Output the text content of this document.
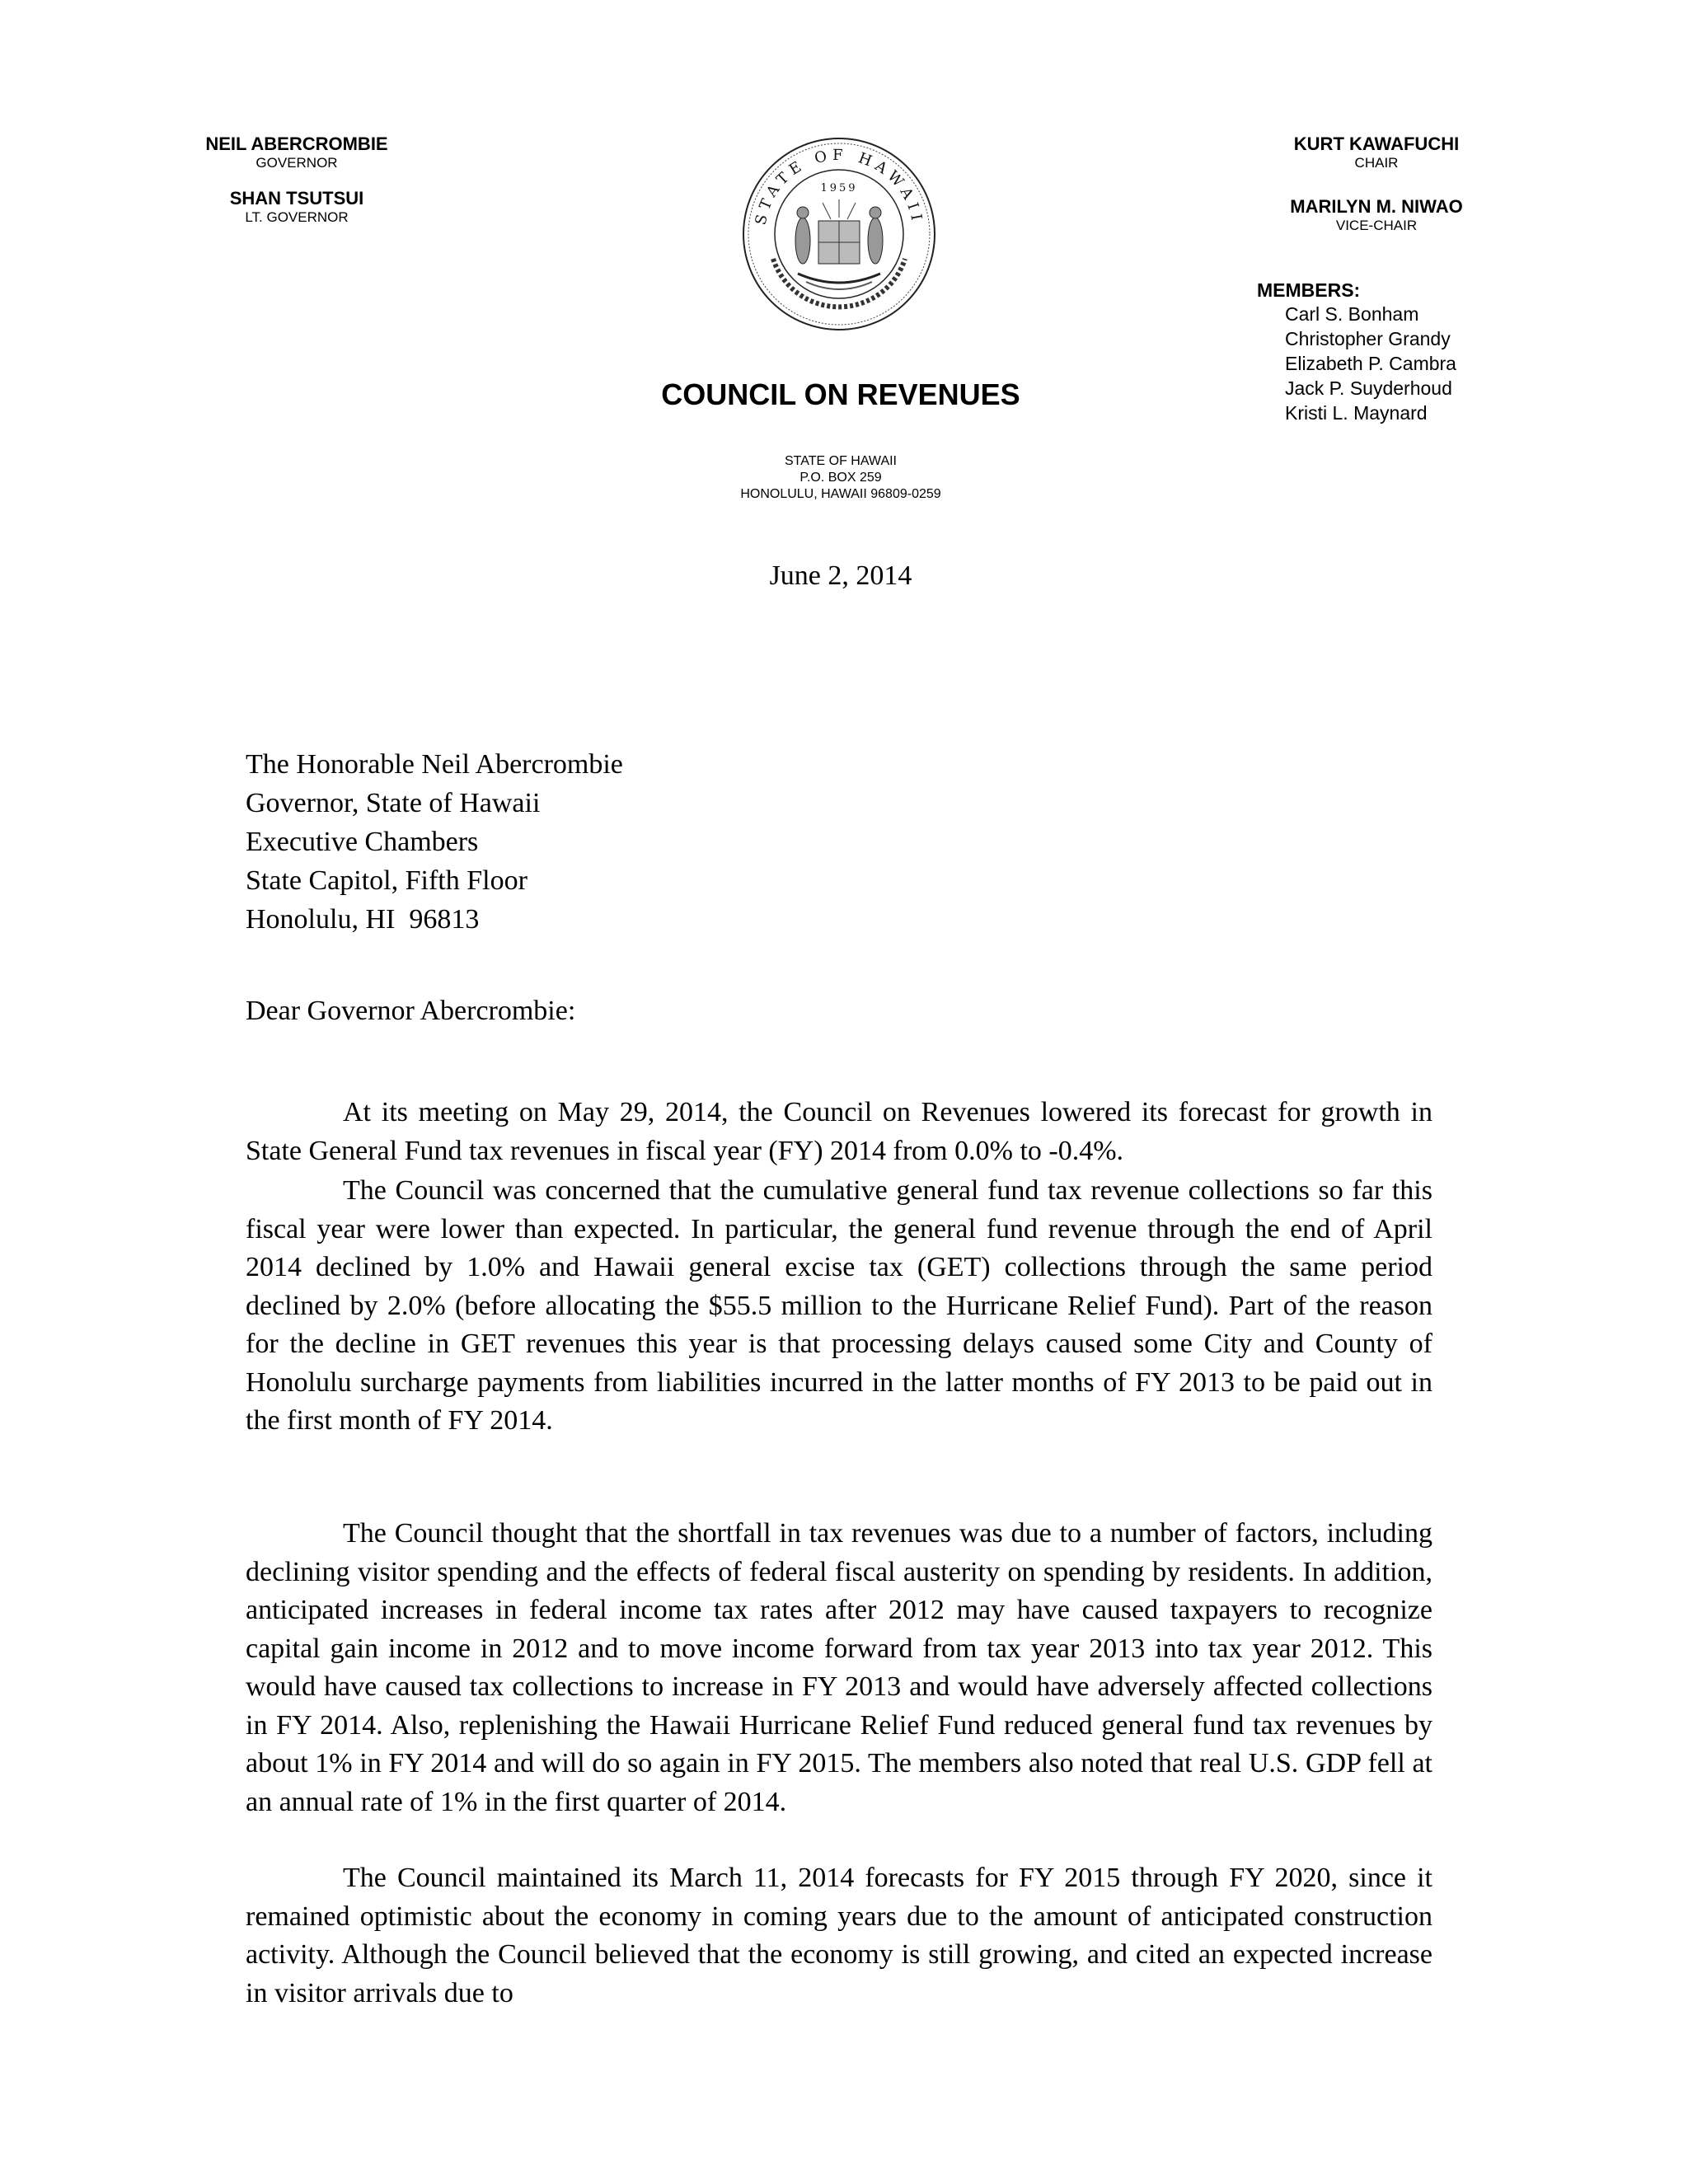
NEIL ABERCROMBIE
GOVERNOR
SHAN TSUTSUI
LT. GOVERNOR	STATE OF HAWAII
1959
KURT KAWAFUCHI
CHAIR
MARILYN M. NIWAO
VICE-CHAIR
MEMBERS:
Carl S. Bonham
Christopher Grandy
Elizabeth P. Cambra
Jack P. Suyderhoud
Kristi L. Maynard
COUNCIL ON REVENUES
STATE OF HAWAII
P.O. BOX 259
HONOLULU, HAWAII 96809-0259
June 2, 2014
The Honorable Neil Abercrombie
Governor, State of Hawaii
Executive Chambers
State Capitol, Fifth Floor
Honolulu, HI  96813
Dear Governor Abercrombie:

At its meeting on May 29, 2014, the Council on Revenues lowered its forecast for growth in State General Fund tax revenues in fiscal year (FY) 2014 from 0.0% to -0.4%.

The Council was concerned that the cumulative general fund tax revenue collections so far this fiscal year were lower than expected. In particular, the general fund revenue through the end of April 2014 declined by 1.0% and Hawaii general excise tax (GET) collections through the same period declined by 2.0% (before allocating the $55.5 million to the Hurricane Relief Fund). Part of the reason for the decline in GET revenues this year is that processing delays caused some City and County of Honolulu surcharge payments from liabilities incurred in the latter months of FY 2013 to be paid out in the first month of FY 2014.

The Council thought that the shortfall in tax revenues was due to a number of factors, including declining visitor spending and the effects of federal fiscal austerity on spending by residents. In addition, anticipated increases in federal income tax rates after 2012 may have caused taxpayers to recognize capital gain income in 2012 and to move income forward from tax year 2013 into tax year 2012. This would have caused tax collections to increase in FY 2013 and would have adversely affected collections in FY 2014. Also, replenishing the Hawaii Hurricane Relief Fund reduced general fund tax revenues by about 1% in FY 2014 and will do so again in FY 2015. The members also noted that real U.S. GDP fell at an annual rate of 1% in the first quarter of 2014.

The Council maintained its March 11, 2014 forecasts for FY 2015 through FY 2020, since it remained optimistic about the economy in coming years due to the amount of anticipated construction activity. Although the Council believed that the economy is still growing, and cited an expected increase in visitor arrivals due to
